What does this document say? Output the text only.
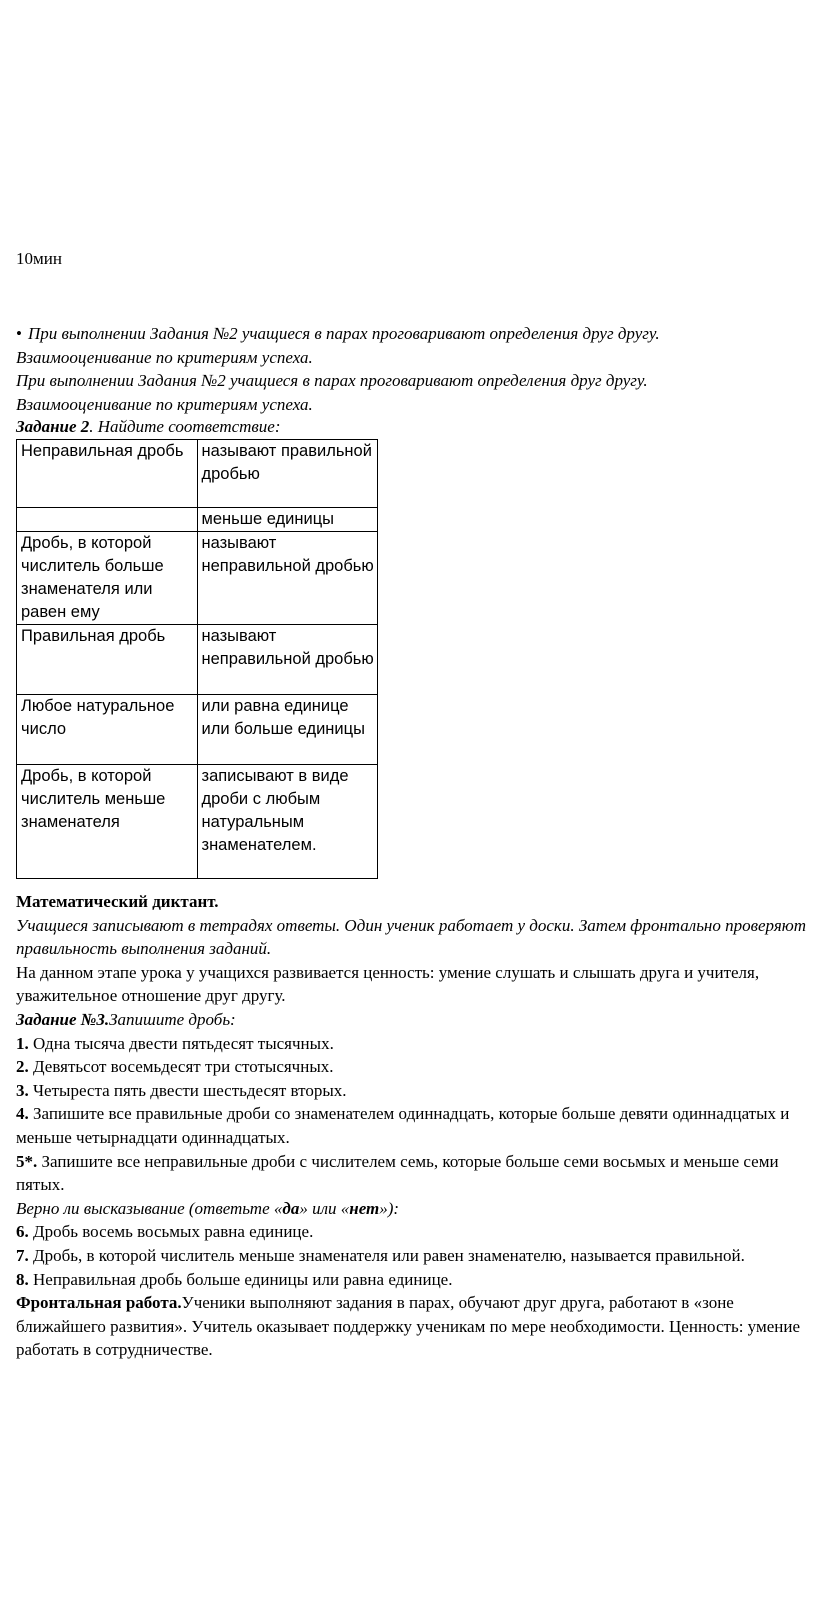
10мин

• При выполнении Задания №2 учащиеся в парах проговаривают определения друг другу.

Взаимооценивание по критериям успеха.

При выполнении Задания №2 учащиеся в парах проговаривают определения друг другу.

Взаимооценивание по критериям успеха.

Задание 2. Найдите соответствие:
Неправильная дробь	называют правильной дробью
	меньше единицы
Дробь, в которой числитель больше знаменателя или равен ему	называют неправильной дробью
Правильная дробь	называют неправильной дробью
Любое натуральное число	или равна единице или больше единицы
Дробь, в которой числитель меньше знаменателя	записывают в виде дроби с любым натуральным знаменателем.

Математический диктант.

Учащиеся записывают в тетрадях ответы. Один ученик работает у доски. Затем фронтально проверяют правильность выполнения заданий.

На данном этапе урока у учащихся развивается ценность: умение слушать и слышать друга и учителя, уважительное отношение друг другу.

Задание №3.Запишите дробь:

1. Одна тысяча двести пятьдесят тысячных.

2. Девятьсот восемьдесят три стотысячных.

3. Четыреста пять двести шестьдесят вторых.

4. Запишите все правильные дроби со знаменателем одиннадцать, которые больше девяти одиннадцатых и меньше четырнадцати одиннадцатых.

5*. Запишите все неправильные дроби с числителем семь, которые больше семи восьмых и меньше семи пятых.

Верно ли высказывание (ответьте «да» или «нет»):

6. Дробь восемь восьмых равна единице.

7. Дробь, в которой числитель меньше знаменателя или равен знаменателю, называется правильной.

8. Неправильная дробь больше единицы или равна единице.

Фронтальная работа.Ученики выполняют задания в парах, обучают друг друга, работают в «зоне ближайшего развития». Учитель оказывает поддержку ученикам по мере необходимости. Ценность: умение работать в сотрудничестве.
